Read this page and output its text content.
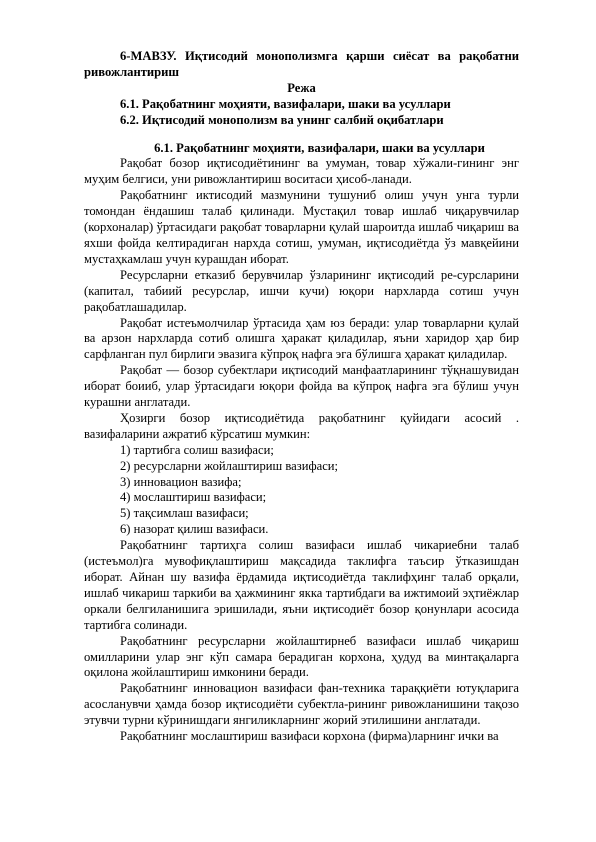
6-МАВЗУ. Иқтисодий монополизмга қарши сиёсат ва рақобатни ривожлантириш

Режа

6.1. Рақобатнинг моҳияти, вазифалари, шаки ва усуллари

6.2. Иқтисодий монополизм ва унинг салбий оқибатлари

6.1. Рақобатнинг моҳияти, вазифалари, шаки ва усуллари

Рақобат бозор иқтисодиётининг ва умуман, товар хўжали-гининг энг муҳим белгиси, уни ривожлантириш воситаси ҳисоб-ланади.

Рақобатнинг иктисодий мазмунини тушуниб олиш учун унга турли томондан ёндашиш талаб қилинади. Мустақил товар ишлаб чиқарувчилар (корхоналар) ўртасидаги рақобат товарларни қулай шароитда ишлаб чиқариш ва яхши фойда келтирадиган нархда сотиш, умуман, иқтисодиётда ўз мавқейини мустаҳкамлаш учун курашдан иборат.

Ресурсларни етказиб берувчилар ўзларининг иқтисодий ре-сурсларини (капитал, табиий ресурслар, ишчи кучи) юқори нархларда сотиш учун рақобатлашадилар.

Рақобат истеъмолчилар ўртасида ҳам юз беради: улар товарларни қулай ва арзон нархларда сотиб олишга ҳаракат қиладилар, яъни харидор ҳар бир сарфланган пул бирлиги эвазига кўпроқ нафга эга бўлишга ҳаракат қиладилар.

Рақобат — бозор субектлари иқтисодий манфаатларининг тўқнашувидан иборат бoииб, улар ўртасидаги юқори фойда ва кўпроқ нафга эга бўлиш учун курашни англатади.

Ҳозирги бозор иқтисодиётида рақобатнинг қуйидаги асосий . вазифаларини ажратиб кўрсатиш мумкин:

1) тартибга солиш вазифаси;

2) ресурсларни жойлаштириш вазифаси;

3) инновацион вазифа;

4) мослаштириш вазифаси;

5) тақсимлаш вазифаси;

6) назорат қилиш вазифаси.

Рақобатнинг тартиҳга солиш вазифаси ишлаб чикариебни талаб (истеъмол)га мувофиқлаштириш мақсадида таклифга таъсир ўтказишдан иборат. Айнан шу вазифа ёрдамида иқтисодиётда таклифҳинг талаб орқали, ишлаб чикариш таркиби ва ҳажмининг якка тартибдаги ва ижтимоий эҳтиёжлар оркали белгиланишига эришилади, яъни иқтисодиёт бозор қонунлари асосида тартибга солинади.

Рақобатнинг ресурсларни жойлаштирнеб вазифаси ишлаб чиқариш омилларини улар энг кўп самара берадиган корхона, ҳудуд ва минтақаларга оқилона жойлаштириш имконини беради.

Рақобатнинг инновацион вазифаси фан-техника тараққиёти ютуқларига асосланувчи ҳамда бозор иқтисодиёти субектла-рининг ривожланишини тақозо этувчи турни кўринишдаги янгиликларнинг жорий этилишини англатади.

Рақобатнинг мослаштириш вазифаси корхона (фирма)ларнинг ички ва
